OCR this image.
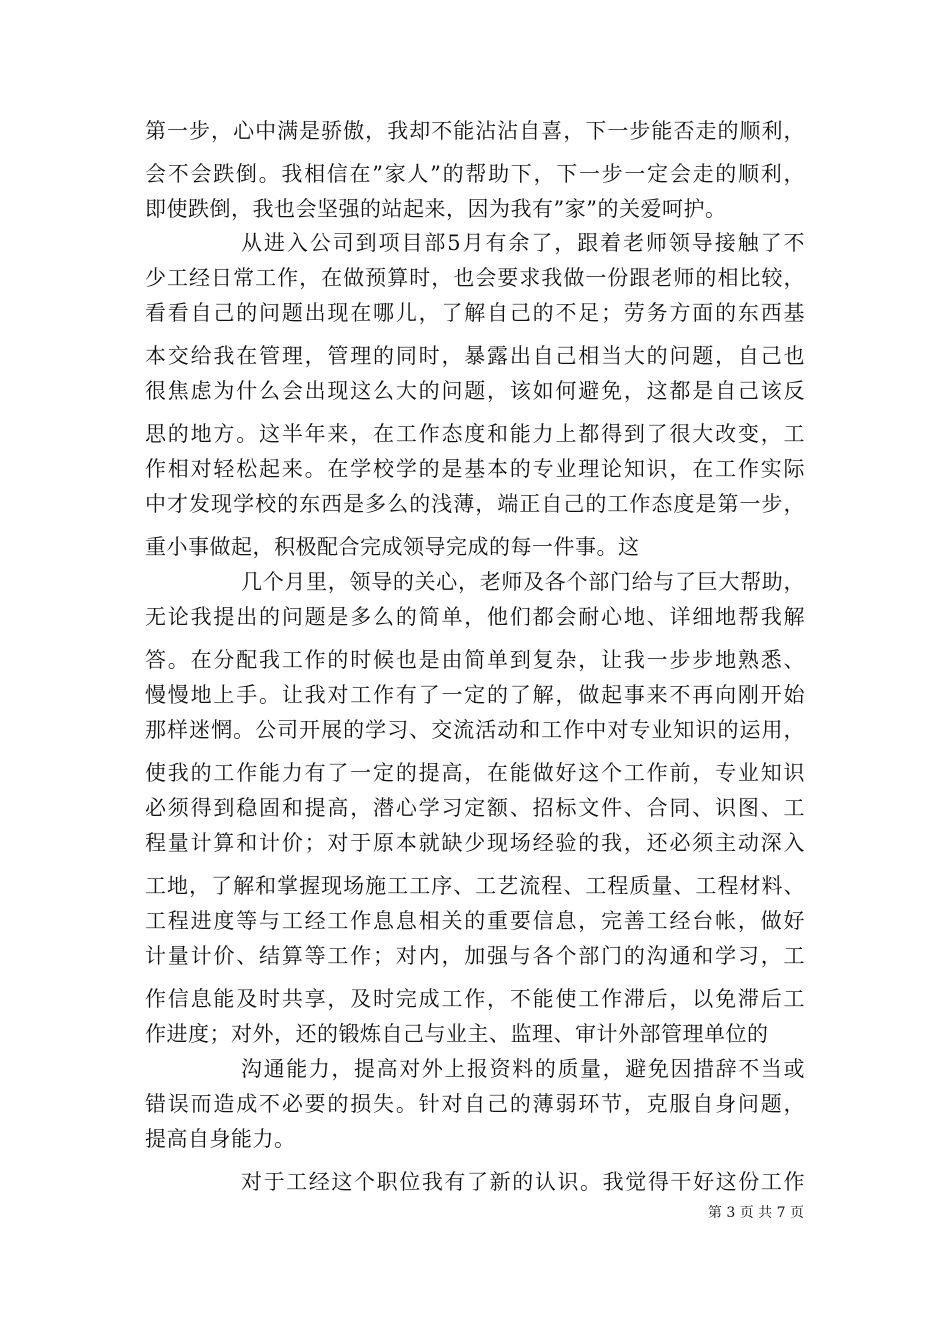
第一步，心中满是骄傲，我却不能沾沾自喜，下一步能否走的顺利，
会不会跌倒。我相信在”家人”的帮助下，下一步一定会走的顺利，
即使跌倒，我也会坚强的站起来，因为我有”家”的关爱呵护。
从进入公司到项目部5月有余了，跟着老师领导接触了不
少工经日常工作，在做预算时，也会要求我做一份跟老师的相比较，
看看自己的问题出现在哪儿，了解自己的不足；劳务方面的东西基
本交给我在管理，管理的同时，暴露出自己相当大的问题，自己也
很焦虑为什么会出现这么大的问题，该如何避免，这都是自己该反
思的地方。这半年来，在工作态度和能力上都得到了很大改变，工
作相对轻松起来。在学校学的是基本的专业理论知识，在工作实际
中才发现学校的东西是多么的浅薄，端正自己的工作态度是第一步，
重小事做起，积极配合完成领导完成的每一件事。这
几个月里，领导的关心，老师及各个部门给与了巨大帮助，
无论我提出的问题是多么的简单，他们都会耐心地、详细地帮我解
答。在分配我工作的时候也是由简单到复杂，让我一步步地熟悉、
慢慢地上手。让我对工作有了一定的了解，做起事来不再向刚开始
那样迷惘。公司开展的学习、交流活动和工作中对专业知识的运用，
使我的工作能力有了一定的提高，在能做好这个工作前，专业知识
必须得到稳固和提高，潜心学习定额、招标文件、合同、识图、工
程量计算和计价；对于原本就缺少现场经验的我，还必须主动深入
工地，了解和掌握现场施工工序、工艺流程、工程质量、工程材料、
工程进度等与工经工作息息相关的重要信息，完善工经台帐，做好
计量计价、结算等工作；对内，加强与各个部门的沟通和学习，工
作信息能及时共享，及时完成工作，不能使工作滞后，以免滞后工
作进度；对外，还的锻炼自己与业主、监理、审计外部管理单位的
沟通能力，提高对外上报资料的质量，避免因措辞不当或
错误而造成不必要的损失。针对自己的薄弱环节，克服自身问题，
提高自身能力。
对于工经这个职位我有了新的认识。我觉得干好这份工作
第 3 页 共 7 页
